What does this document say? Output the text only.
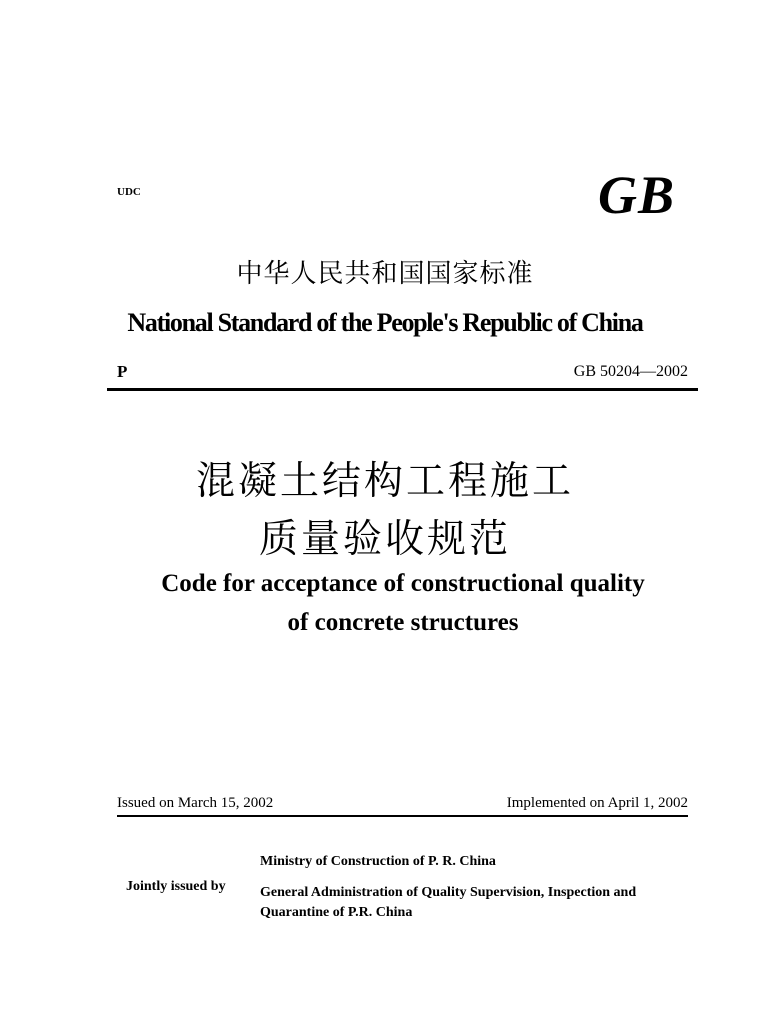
UDC	GB
中华人民共和国国家标准
National Standard of the People's Republic of China
P	GB 50204—2002
混凝土结构工程施工
质量验收规范
Code for acceptance of constructional quality
of concrete structures
Issued on March 15, 2002	Implemented on April 1, 2002
Jointly issued by
Ministry of Construction of P. R. China
General Administration of Quality Supervision, Inspection and Quarantine of P.R. China
